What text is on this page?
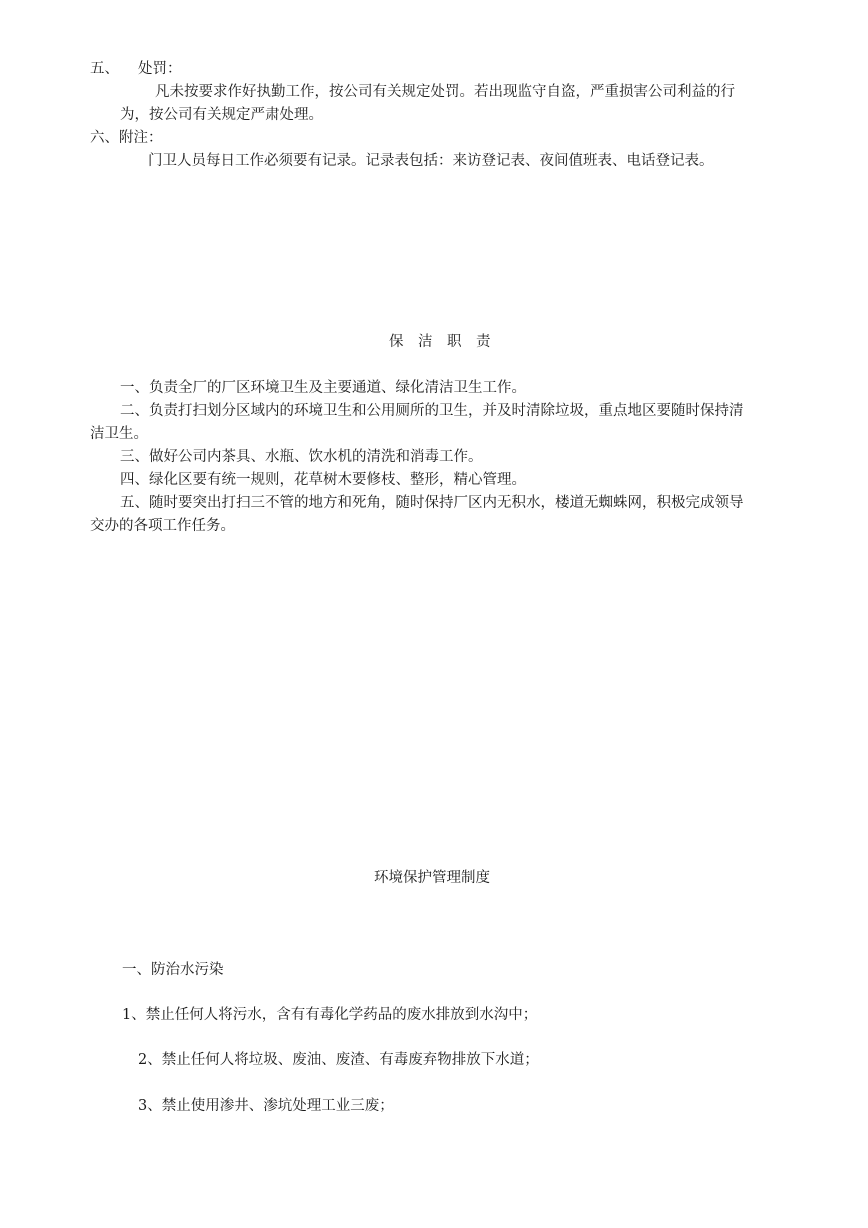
五、 处罚：
凡未按要求作好执勤工作，按公司有关规定处罚。若出现监守自盗，严重损害公司利益的行
为，按公司有关规定严肃处理。
六、附注：
门卫人员每日工作必须要有记录。记录表包括：来访登记表、夜间值班表、电话登记表。
保　洁　职　责
一、负责全厂的厂区环境卫生及主要通道、绿化清洁卫生工作。
二、负责打扫划分区域内的环境卫生和公用厕所的卫生，并及时清除垃圾，重点地区要随时保持清
洁卫生。
三、做好公司内茶具、水瓶、饮水机的清洗和消毒工作。
四、绿化区要有统一规则，花草树木要修枝、整形，精心管理。
五、随时要突出打扫三不管的地方和死角，随时保持厂区内无积水，楼道无蜘蛛网，积极完成领导
交办的各项工作任务。
环境保护管理制度
一、防治水污染
1、禁止任何人将污水，含有有毒化学药品的废水排放到水沟中；
2、禁止任何人将垃圾、废油、废渣、有毒废弃物排放下水道；
3、禁止使用渗井、渗坑处理工业三废；
